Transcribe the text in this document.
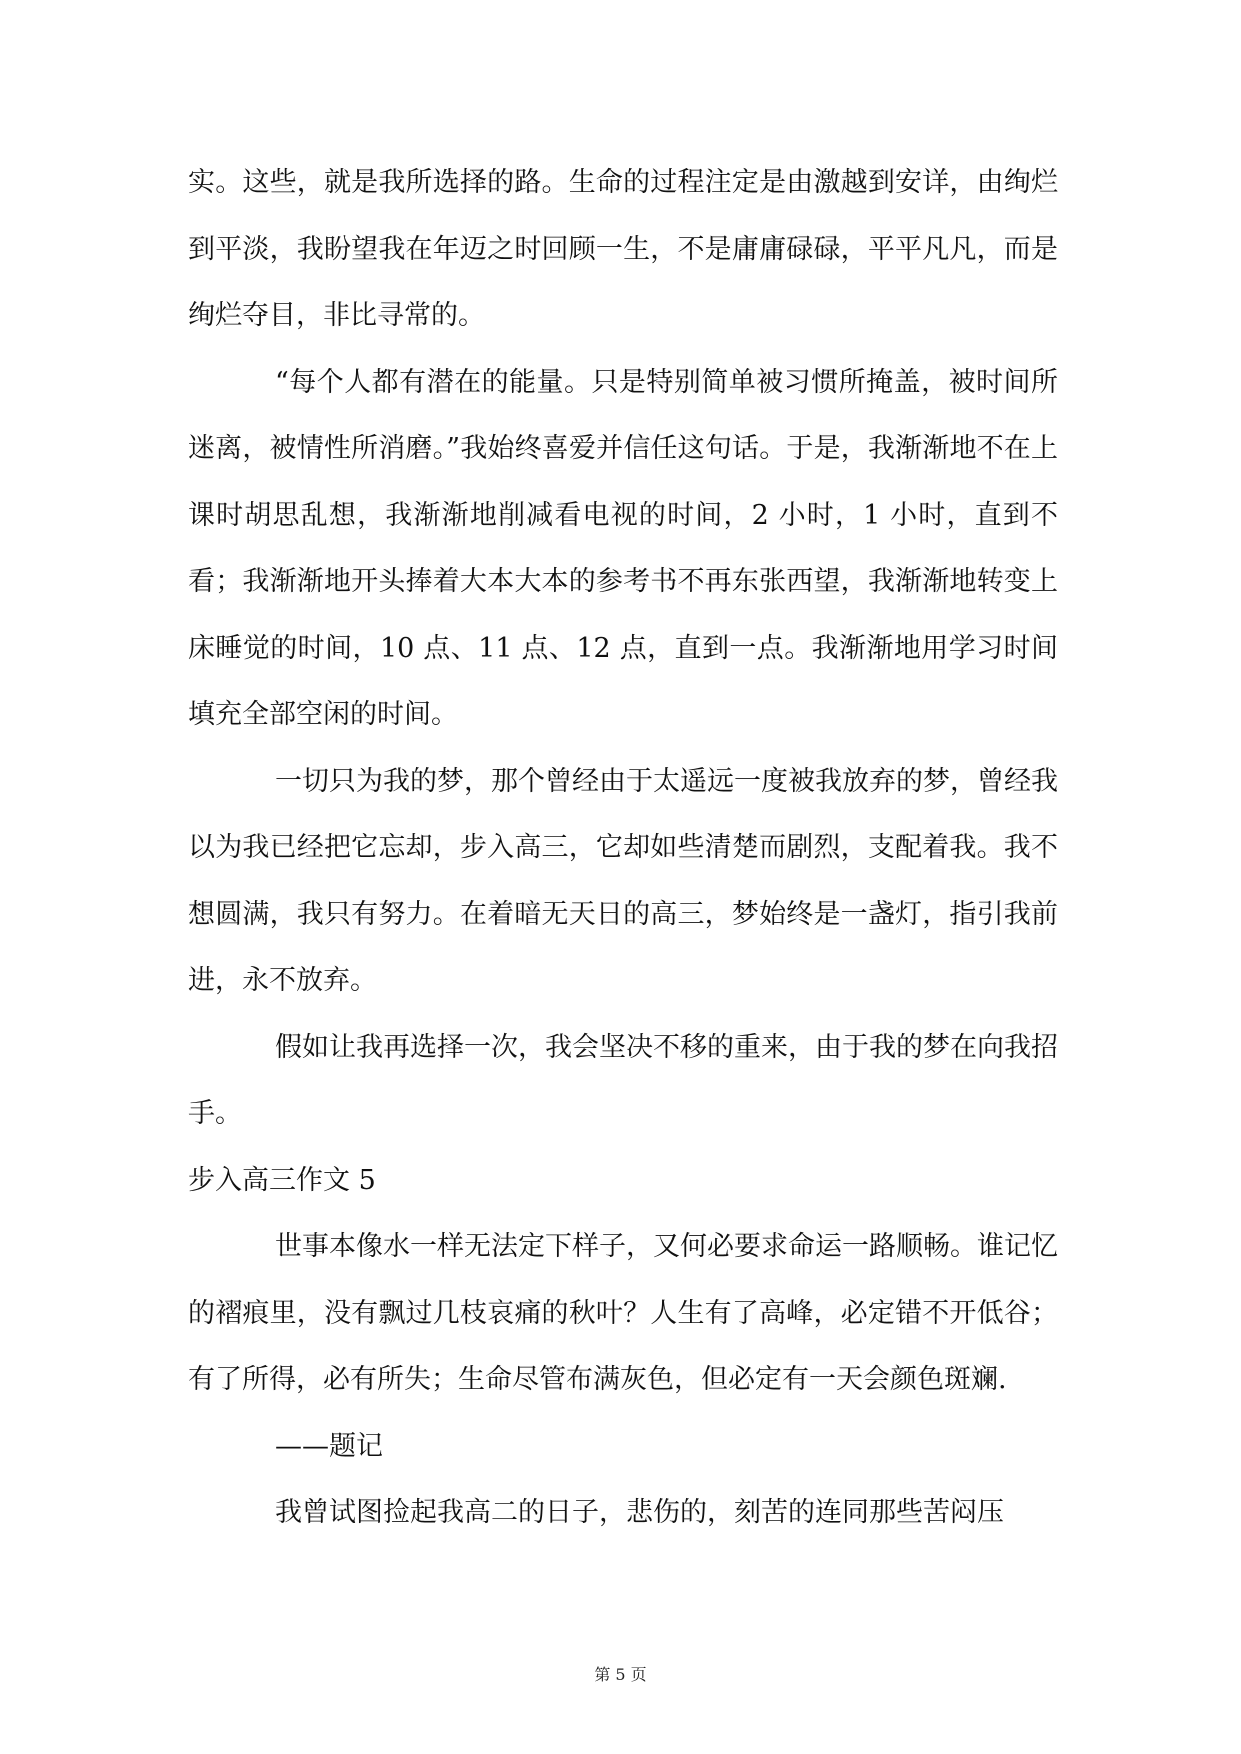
实。这些，就是我所选择的路。生命的过程注定是由激越到安详，由绚烂到平淡，我盼望我在年迈之时回顾一生，不是庸庸碌碌，平平凡凡，而是绚烂夺目，非比寻常的。

“每个人都有潜在的能量。只是特别简单被习惯所掩盖，被时间所迷离，被情性所消磨。”我始终喜爱并信任这句话。于是，我渐渐地不在上课时胡思乱想，我渐渐地削减看电视的时间，2 小时，1 小时，直到不看；我渐渐地开头捧着大本大本的参考书不再东张西望，我渐渐地转变上床睡觉的时间，10 点、11 点、12 点，直到一点。我渐渐地用学习时间填充全部空闲的时间。

一切只为我的梦，那个曾经由于太遥远一度被我放弃的梦，曾经我以为我已经把它忘却，步入高三，它却如些清楚而剧烈，支配着我。我不想圆满，我只有努力。在着暗无天日的高三，梦始终是一盏灯，指引我前进，永不放弃。

假如让我再选择一次，我会坚决不移的重来，由于我的梦在向我招手。

步入高三作文 5

世事本像水一样无法定下样子，又何必要求命运一路顺畅。谁记忆的褶痕里，没有飘过几枝哀痛的秋叶？人生有了高峰，必定错不开低谷；有了所得，必有所失；生命尽管布满灰色，但必定有一天会颜色斑斓.

——题记

我曾试图捡起我高二的日子，悲伤的，刻苦的连同那些苦闷压

第 5 页
